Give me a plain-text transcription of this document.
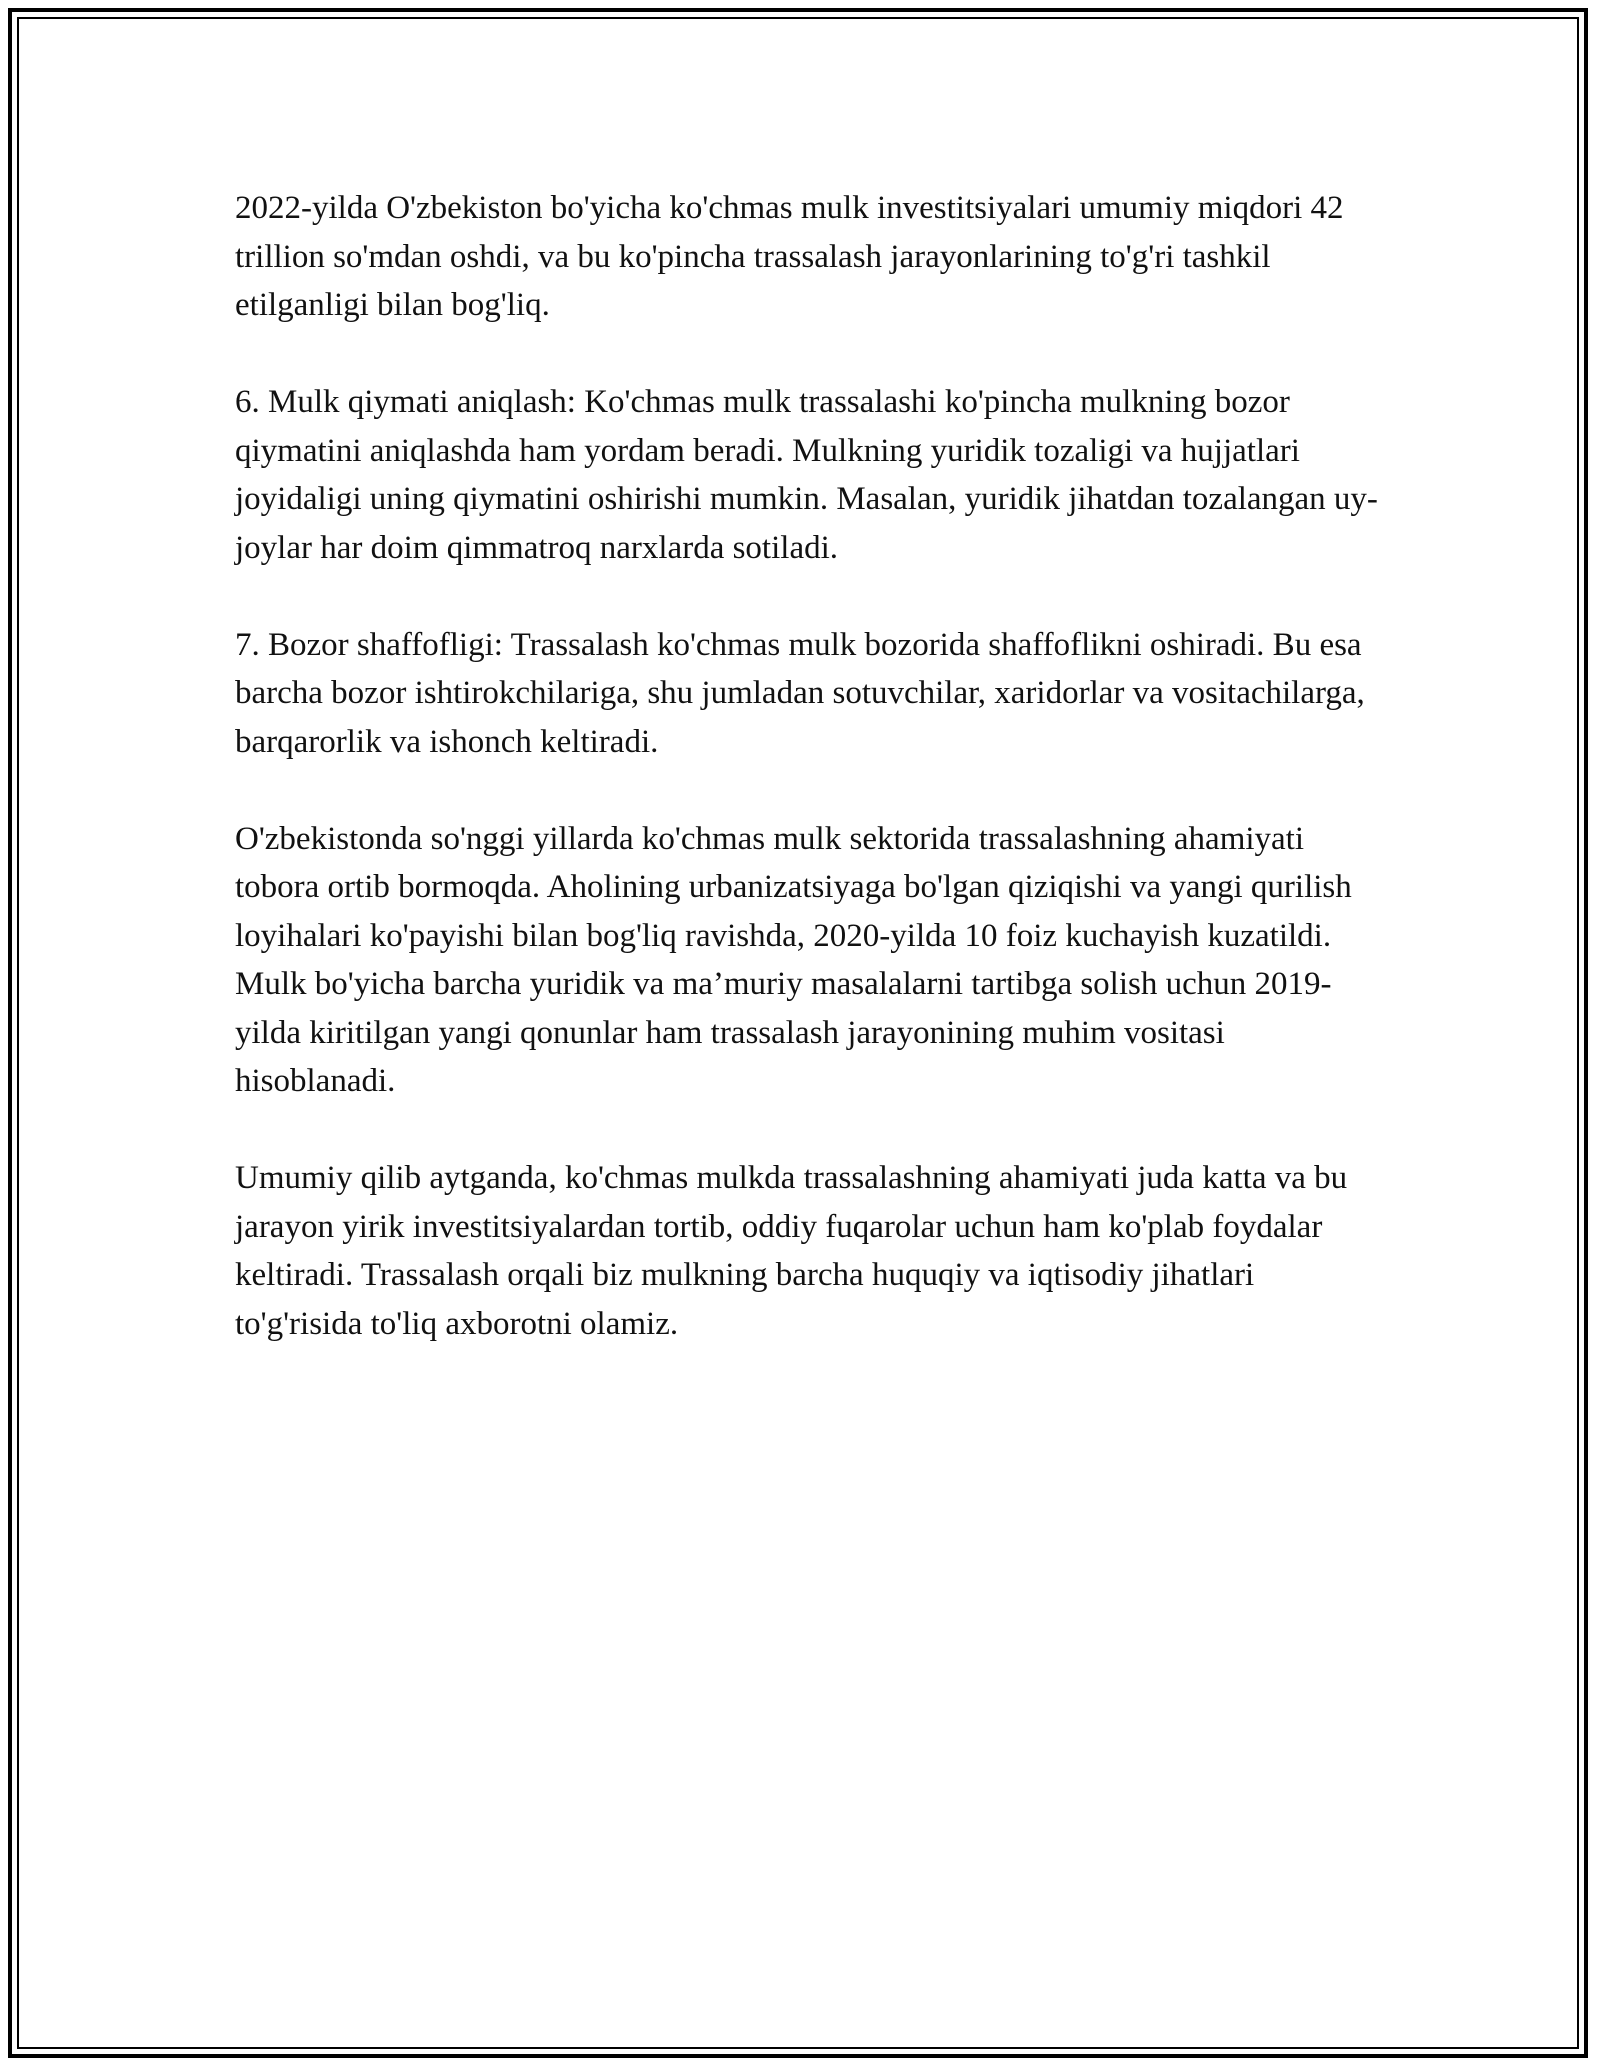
2022-yilda O'zbekiston bo'yicha ko'chmas mulk investitsiyalari umumiy miqdori 42 trillion so'mdan oshdi, va bu ko'pincha trassalash jarayonlarining to'g'ri tashkil etilganligi bilan bog'liq.

6. Mulk qiymati aniqlash: Ko'chmas mulk trassalashi ko'pincha mulkning bozor qiymatini aniqlashda ham yordam beradi. Mulkning yuridik tozaligi va hujjatlari joyidaligi uning qiymatini oshirishi mumkin. Masalan, yuridik jihatdan tozalangan uy-joylar har doim qimmatroq narxlarda sotiladi.

7. Bozor shaffofligi: Trassalash ko'chmas mulk bozorida shaffoflikni oshiradi. Bu esa barcha bozor ishtirokchilariga, shu jumladan sotuvchilar, xaridorlar va vositachilarga, barqarorlik va ishonch keltiradi.

O'zbekistonda so'nggi yillarda ko'chmas mulk sektorida trassalashning ahamiyati tobora ortib bormoqda. Aholining urbanizatsiyaga bo'lgan qiziqishi va yangi qurilish loyihalari ko'payishi bilan bog'liq ravishda, 2020-yilda 10 foiz kuchayish kuzatildi. Mulk bo'yicha barcha yuridik va ma’muriy masalalarni tartibga solish uchun 2019-yilda kiritilgan yangi qonunlar ham trassalash jarayonining muhim vositasi hisoblanadi.

Umumiy qilib aytganda, ko'chmas mulkda trassalashning ahamiyati juda katta va bu jarayon yirik investitsiyalardan tortib, oddiy fuqarolar uchun ham ko'plab foydalar keltiradi. Trassalash orqali biz mulkning barcha huquqiy va iqtisodiy jihatlari to'g'risida to'liq axborotni olamiz.
